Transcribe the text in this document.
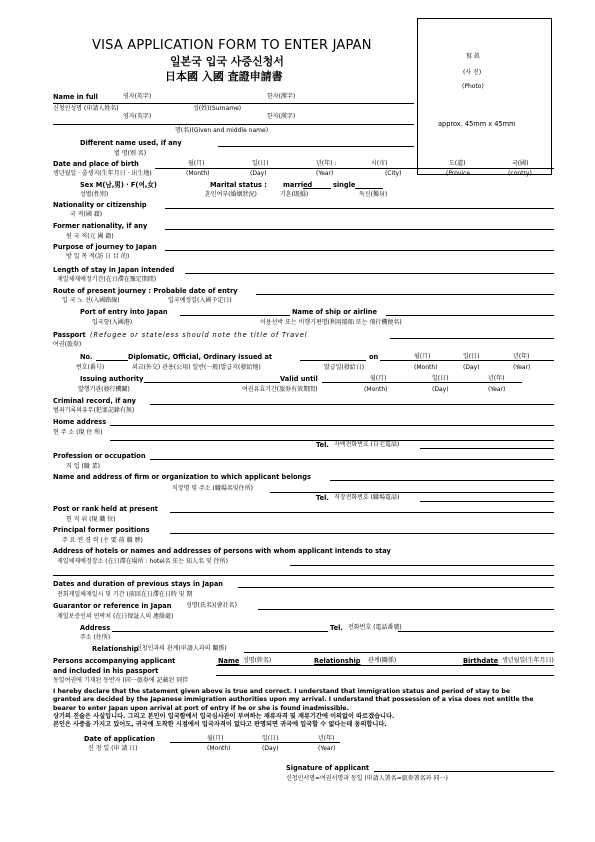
VISA APPLICATION FORM TO ENTER JAPAN
일본국 입국 사증신청서
日本國 入國 査證申請書
寫 眞
(사 진)
(Photo)
approx. 45mm x 45mm
Name in full	영자(英字)	한자(漢字)
신청인성명 (申請人姓名)	성(姓)(Surname)
영자(英字)	한자(漢字)
명(名)(Given and middle name)
Different name used, if any
별 명(別 名)
Date and place of birth	월(月)	일(日)	년(年) :	시(市)	도(道)	국(國)
생년월일 · 출생지(生年月日 · 出生地)	(Month)	(Day)	(Year)	(City)	(Provice	(contry)
Sex M(남,男) · F(여,女)	Marital status : married	single
성별(性別)	혼인여부(婚姻狀況)	기혼(既婚)	독신(獨身)
Nationality or citizenship
국 적(國 籍)
Former nationality, if any
원 국 적(元 國 籍)
Purpose of journey to Japan
방 일 목 적(訪 日 目 的)
Length of stay in Japan intended
재일체재예정기간(在日滯在豫定期間)
Route of present journey : Probable date of entry
입 국 노 선(入國路線)	입국예정일(入國予定日)
Port of entry into Japan	Name of ship or airline
입국항(入國港)	이용선박 또는 비행기편명(利用船舶 또는 飛行機便名)
Passport (Refugee or stateless should note the title of Travel
여권(旅券)
No.	Diplomatic, Official, Ordinary issued at	on	월(月)	일(日)	년(年)
번호(番号)	외교(外交) 관용(公用) 일반(一般)발급지(發給地)	발급일(發給日)	(Month)	(Day)	(Year)
Issuing authority	Valid until	월(月)	일(日)	년(年)
발행기관(發行機關)	여권유효기간(旅券有效期間)	(Month)	(Day)	(Year)
Criminal record, if any
범죄기록의유무(犯罪記錄有無)
Home address
현 주 소 (現 住 所)
Tel. 자택전화번호 (自宅電話)
Profession or occupation
직 업 (職 業)
Name and address of firm or organization to which applicant belongs
직장명 및 주소 (職場名및住所)
Tel. 직장전화번호 (職場電話)
Post or rank held at present
현 직 위 (現 職 位)
Principal former positions
주 요 전 경 력 (主 要 前 職 歷)
Address of hotels or names and addresses of persons with whom applicant intends to stay
재일체재예정장소 (在日滯在場所 : hotel名 또는 知人名 및 住所)
Dates and duration of previous stays in Japan
전회재일체재일시 및 기간 (前回在日滯在日時 및 期
Guarantor or reference in Japan 성명(氏名)(會社名)
재일보증인의 연락처 (在日保証人의 連絡處)
Address	Tel. 전화번호 (電話番號)
주소 (住所)
Relationship
신청인과의 관계(申請人과의 關係)
Persons accompanying applicant	Name 성명(姓名)	Relationship 관계(關係)	Birthdate 생년월일(生年月日)
and included in his passport
동일여권에 기재된 동반자 (同一旅券에 記載된 同伴
I hereby declare that the statement given above is true and correct. I understand that immigration status and period of stay to be
granted are decided by the Japanese immigration authorities upon my arrival. I understand that possession of a visa does not entitle the
bearer to enter Japan upon arrival at port of entry if he or she is found inadmissible.
상기의 진술은 사실입니다. 그리고 본인이 입국함에서 입국심사관이 부여하는 재류자격 및 재류기간에 이의없이 따르겠습니다.
본인은 사증을 가지고 있어도, 귀국에 도착한 시점에서 입국자격이 없다고 판명되면 귀국에 입국할 수 없다는데 동의합니다.
Date of application	월(月)	일(日)	년(年)
신 청 일 (申 請 日)	(Month)	(Day)	(Year)
Signature of applicant
신청인서명=여권서명과 동일 (申請人署名=旅券署名과 同一)
